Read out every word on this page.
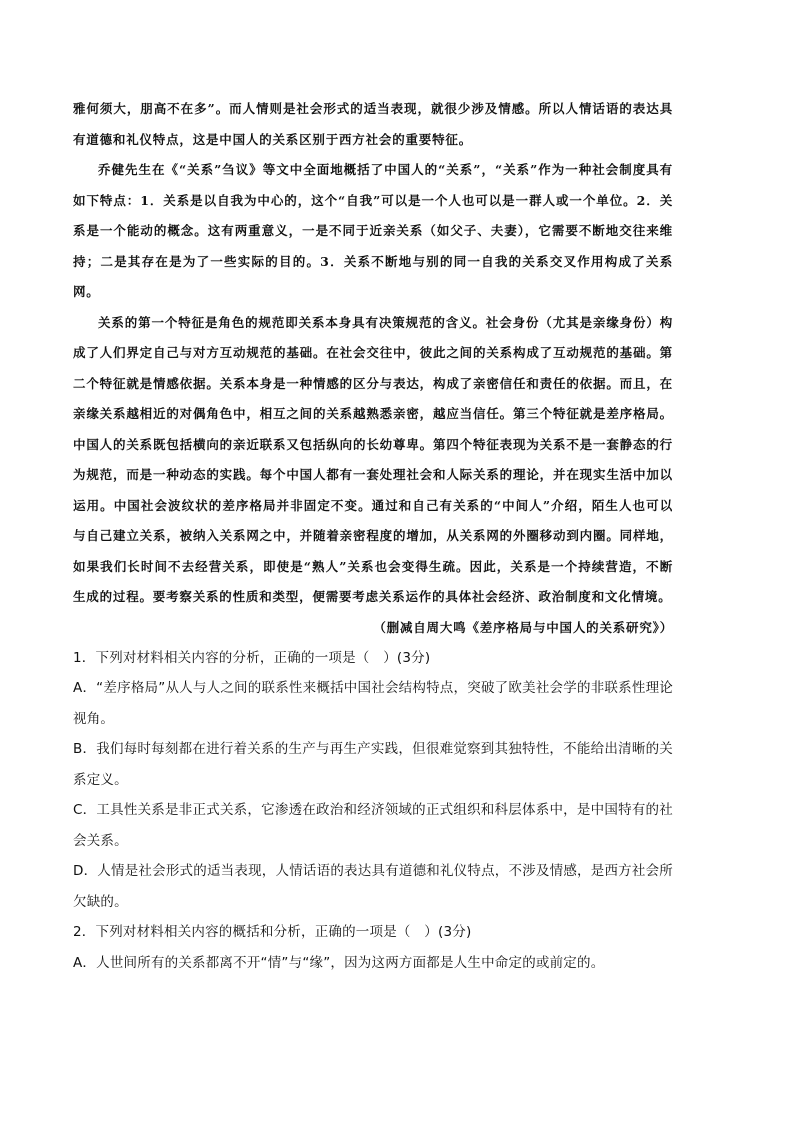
雅何须大，朋高不在多”。而人情则是社会形式的适当表现，就很少涉及情感。所以人情话语的表达具有道德和礼仪特点，这是中国人的关系区别于西方社会的重要特征。

乔健先生在《“关系”刍议》等文中全面地概括了中国人的“关系”，“关系”作为一种社会制度具有如下特点：1．关系是以自我为中心的，这个“自我”可以是一个人也可以是一群人或一个单位。2．关系是一个能动的概念。这有两重意义，一是不同于近亲关系（如父子、夫妻），它需要不断地交往来维持；二是其存在是为了一些实际的目的。3．关系不断地与别的同一自我的关系交叉作用构成了关系网。

关系的第一个特征是角色的规范即关系本身具有决策规范的含义。社会身份（尤其是亲缘身份）构成了人们界定自己与对方互动规范的基础。在社会交往中，彼此之间的关系构成了互动规范的基础。第二个特征就是情感依据。关系本身是一种情感的区分与表达，构成了亲密信任和责任的依据。而且，在亲缘关系越相近的对偶角色中，相互之间的关系越熟悉亲密，越应当信任。第三个特征就是差序格局。中国人的关系既包括横向的亲近联系又包括纵向的长幼尊卑。第四个特征表现为关系不是一套静态的行为规范，而是一种动态的实践。每个中国人都有一套处理社会和人际关系的理论，并在现实生活中加以运用。中国社会波纹状的差序格局并非固定不变。通过和自己有关系的“中间人”介绍，陌生人也可以与自己建立关系，被纳入关系网之中，并随着亲密程度的增加，从关系网的外圈移动到内圈。同样地，如果我们长时间不去经营关系，即使是“熟人”关系也会变得生疏。因此，关系是一个持续营造，不断生成的过程。要考察关系的性质和类型，便需要考虑关系运作的具体社会经济、政治制度和文化情境。

（删减自周大鸣《差序格局与中国人的关系研究》）

1．下列对材料相关内容的分析，正确的一项是（　）(3分)

A．“差序格局”从人与人之间的联系性来概括中国社会结构特点，突破了欧美社会学的非联系性理论视角。

B．我们每时每刻都在进行着关系的生产与再生产实践，但很难觉察到其独特性，不能给出清晰的关系定义。

C．工具性关系是非正式关系，它渗透在政治和经济领域的正式组织和科层体系中，是中国特有的社会关系。

D．人情是社会形式的适当表现，人情话语的表达具有道德和礼仪特点，不涉及情感，是西方社会所欠缺的。

2．下列对材料相关内容的概括和分析，正确的一项是（　）(3分)

A．人世间所有的关系都离不开“情”与“缘”，因为这两方面都是人生中命定的或前定的。
